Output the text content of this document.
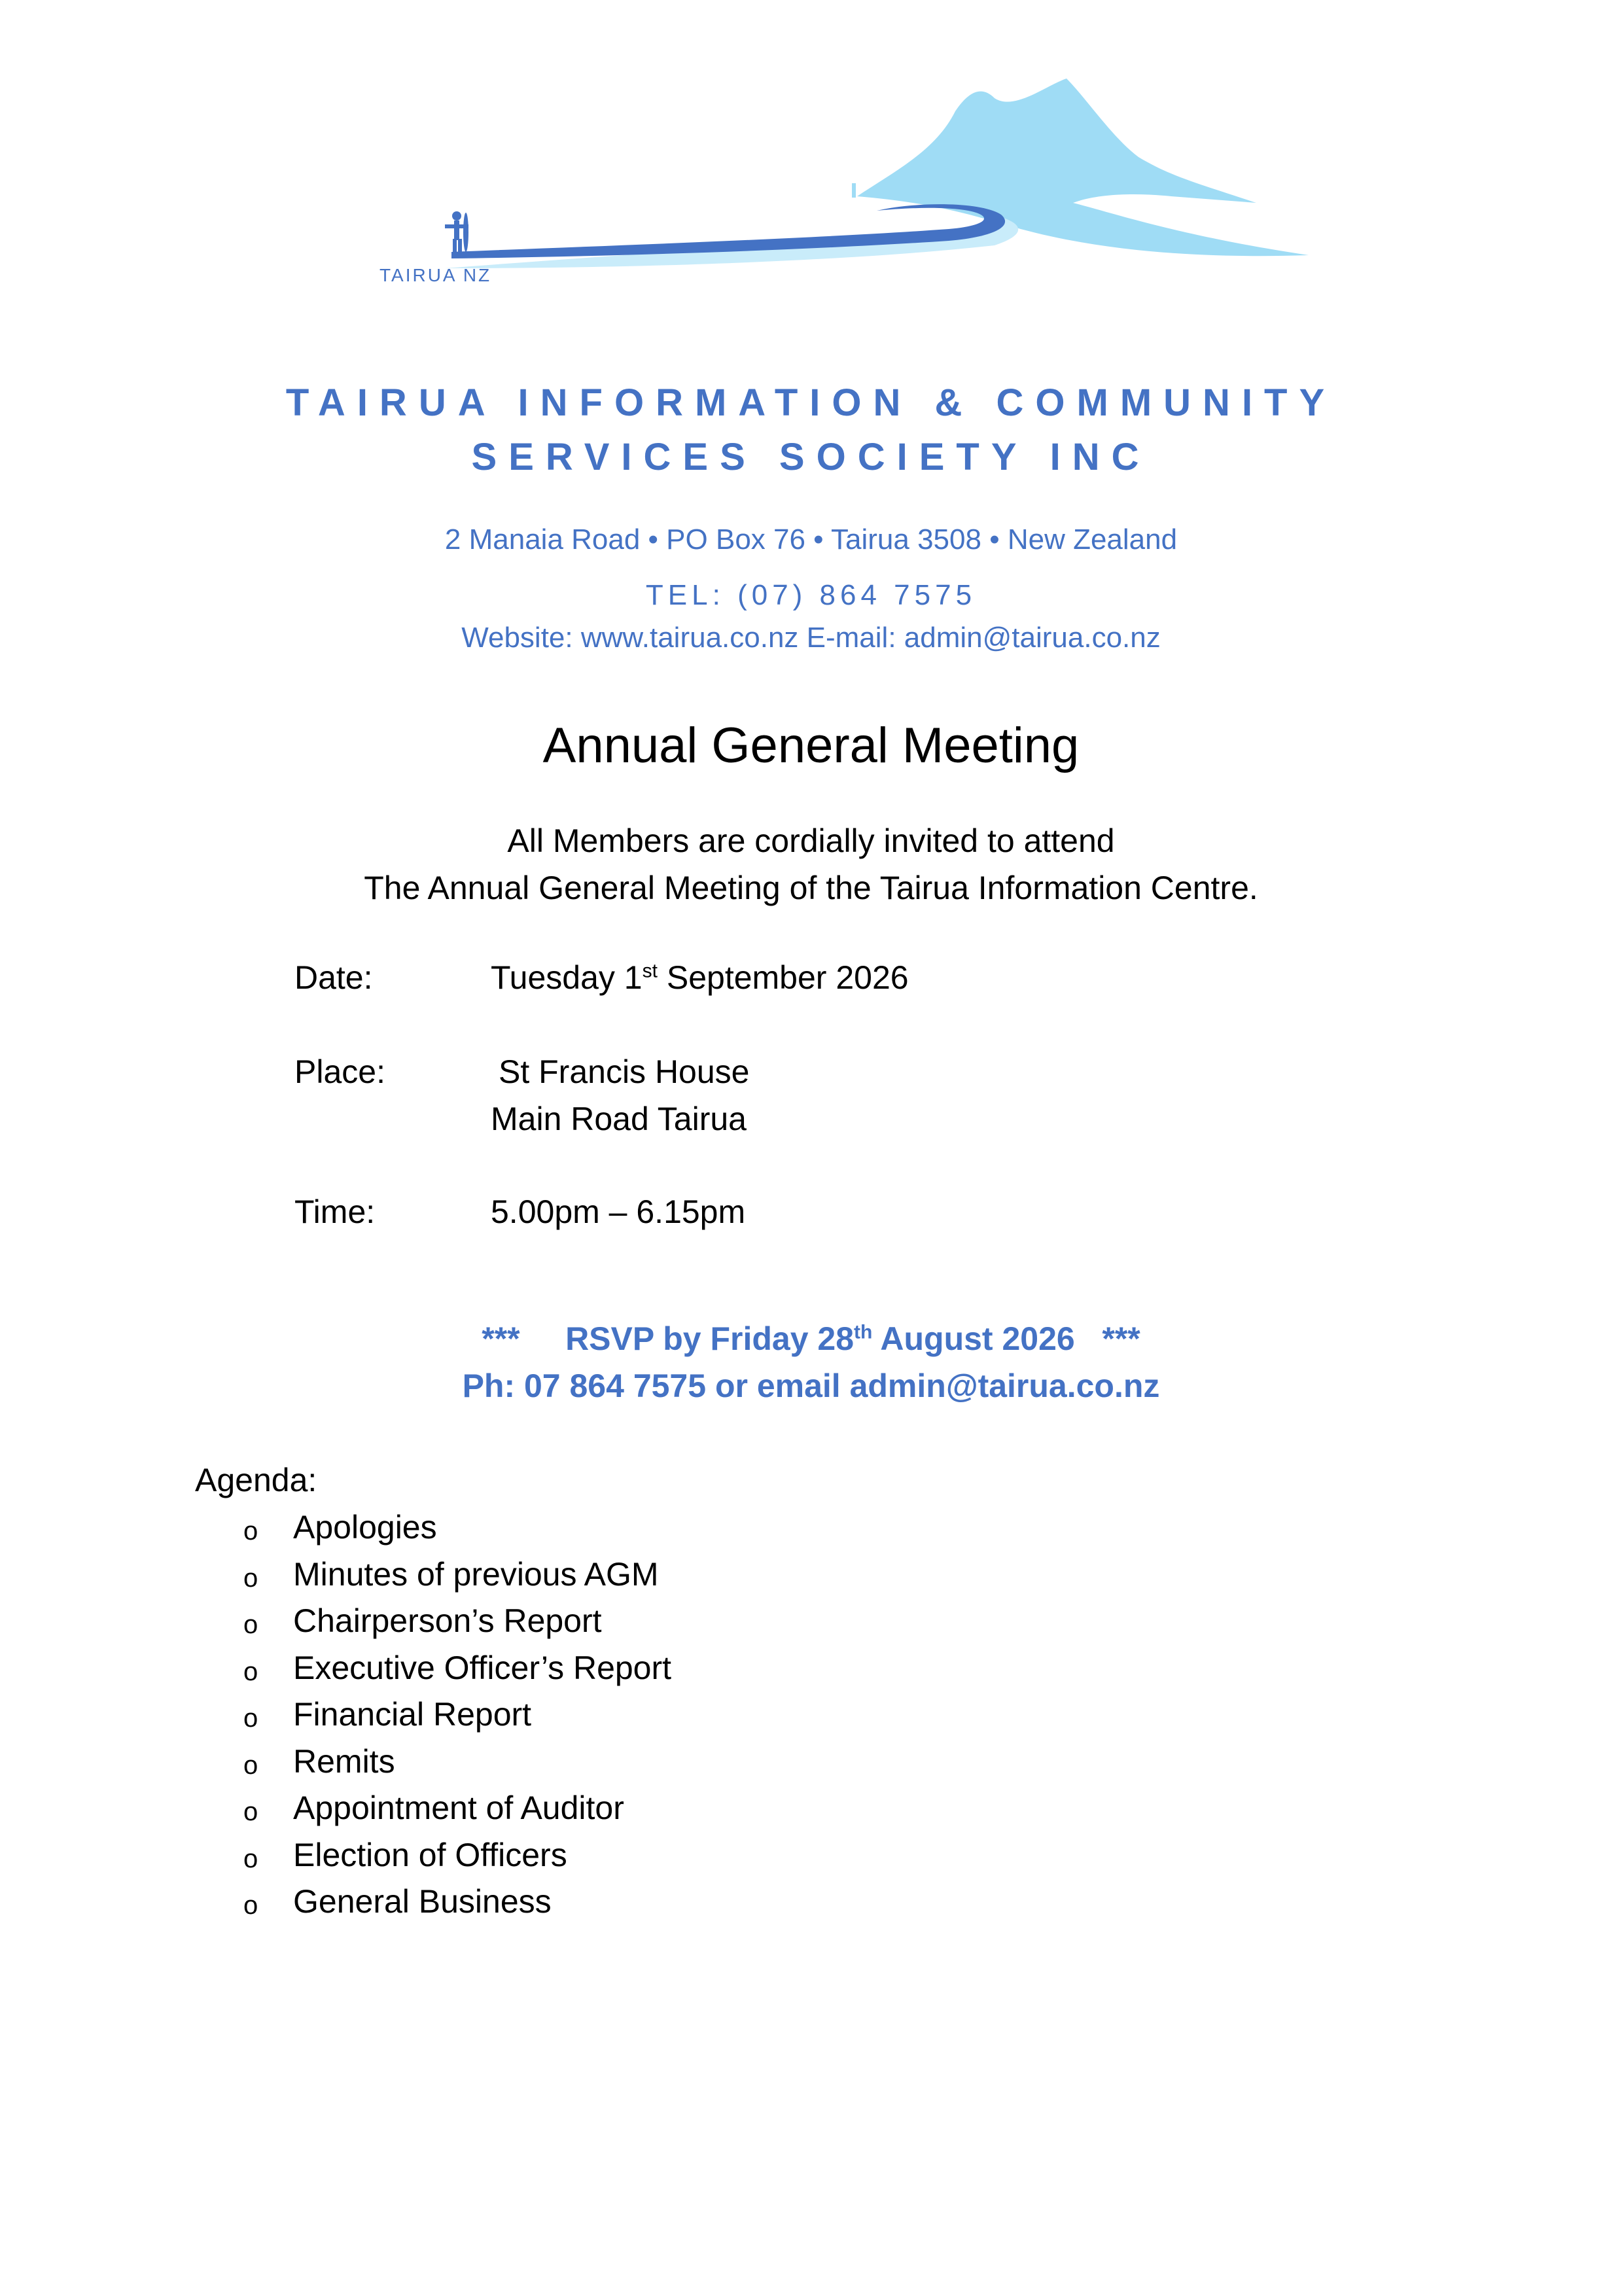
TAIRUA NZ

TAIRUA INFORMATION & COMMUNITY

SERVICES SOCIETY INC

2 Manaia Road • PO Box 76 • Tairua 3508 • New Zealand

TEL: (07) 864 7575

Website: www.tairua.co.nz E-mail: admin@tairua.co.nz

Annual General Meeting

All Members are cordially invited to attend

The Annual General Meeting of the Tairua Information Centre.

Date:	Tuesday 1st September 2026

Place:	St Francis House

Main Road Tairua

Time:	5.00pm – 6.15pm

***     RSVP by Friday 28th August 2026   ***

Ph: 07 864 7575 or email admin@tairua.co.nz

Agenda:

o Apologies
o Minutes of previous AGM
o Chairperson’s Report
o Executive Officer’s Report
o Financial Report
o Remits
o Appointment of Auditor
o Election of Officers
o General Business
